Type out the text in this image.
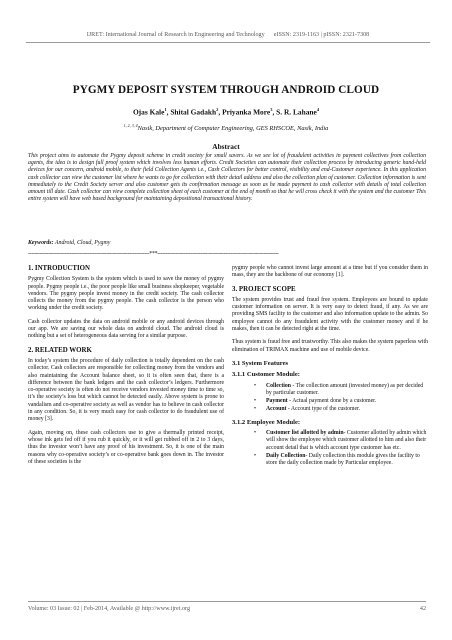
IJRET: International Journal of Research in Engineering and Technology eISSN: 2319-1163 | pISSN: 2321-7308
PYGMY DEPOSIT SYSTEM THROUGH ANDROID CLOUD
Ojas Kale$^1$, Shital Gadakh$^2$, Priyanka More$^3$, S. R. Lahane$^4$
$^{1, 2, 3, 4}$Nasik, Department of Computer Engineering, GES RHSCOE, Nasik, India
Abstract
This project aims to automate the Pygmy deposit scheme in credit society for small savers. As we see lot of fraudulent activities in payment collectives from collection agents, the idea is to design full proof system which involves less human efforts. Credit Societies can automate their collection process by introducing generic hand-held devices for our concern, android mobile, to their field Collection Agents i.e., Cash Collectors for better control, visibility and end-Customer experience. In this application cash collector can view the customer list where he wants to go for collection with their detail address and also the collection plan of customer. Collection information is sent immediately to the Credit Society server and also customer gets its confirmation message as soon as he made payment to cash collector with details of total collection amount till date. Cash collector can view complete collection sheet of each customer at the end of month so that he will cross check it with the system and the customer This entire system will have web based background for maintaining depositional transactional history.
Keywords: Android, Cloud, Pygmy
-------------------------------------------------------------------------***-------------------------------------------------------------------------
1. INTRODUCTION
Pygmy Collection System is the system which is used to save the money of pygmy people. Pygmy people i.e., the poor people like small business shopkeeper, vegetable vendors. The pygmy people invest money in the credit society. The cash collector collects the money from the pygmy people. The cash collector is the person who working under the credit society.
Cash collector updates the data on android mobile or any android devices through our app. We are saving our whole data on android cloud. The android cloud is nothing but a set of heterogeneous data serving for a similar purpose.
2. RELATED WORK
In today’s system the procedure of daily collection is totally dependent on the cash collector. Cash collectors are responsible for collecting money from the vendors and also maintaining the Account balance sheet, so it is often seen that, there is a difference between the bank ledgers and the cash collector’s ledgers. Furthermore co-operative society is often do not receive vendors invested money time to time so, it’s the society’s loss but which cannot be detected easily. Above system is prone to vandalism and co-operative society as well as vendor has to believe in cash collector in any condition. So, it is very much easy for cash collector to do fraudulent use of money [3].
Again, moving on, these cash collectors use to give a thermally printed receipt, whose ink gets fed off if you rub it quickly, or it will get rubbed off in 2 to 3 days, thus the investor won’t have any proof of his investment. So, it is one of the main reasons why co-operative society’s or co-operative bank goes down in. The investor of these societies is the
pygmy people who cannot invest large amount at a time but if you consider them in mass, they are the backbone of our economy [1].
3. PROJECT SCOPE
The system provides trust and fraud free system. Employees are bound to update customer information on server. It is very easy to detect fraud, if any. As we are providing SMS facility to the customer and also information update to the admin. So employee cannot do any fraudulent activity with the customer money and if he makes, then it can be detected right at the time.
Thus system is fraud free and trustworthy. This also makes the system paperless with elimination of TRIMAX machine and use of mobile device.
3.1 System Features
3.1.1 Customer Module:
• Collection - The collection amount (invested money) as per decided by particular customer.
• Payment - Actual payment done by a customer.
• Account - Account type of the customer.
3.1.2 Employee Module:
• Customer list allotted by admin- Customer allotted by admin which will show the employee which customer allotted to him and also their account detail that is which account type customer has etc.
• Daily Collection- Daily collection this module gives the facility to store the daily collection made by Particular employee.
Volume: 03 Issue: 02 | Feb-2014, Available @ http://www.ijret.org	42
